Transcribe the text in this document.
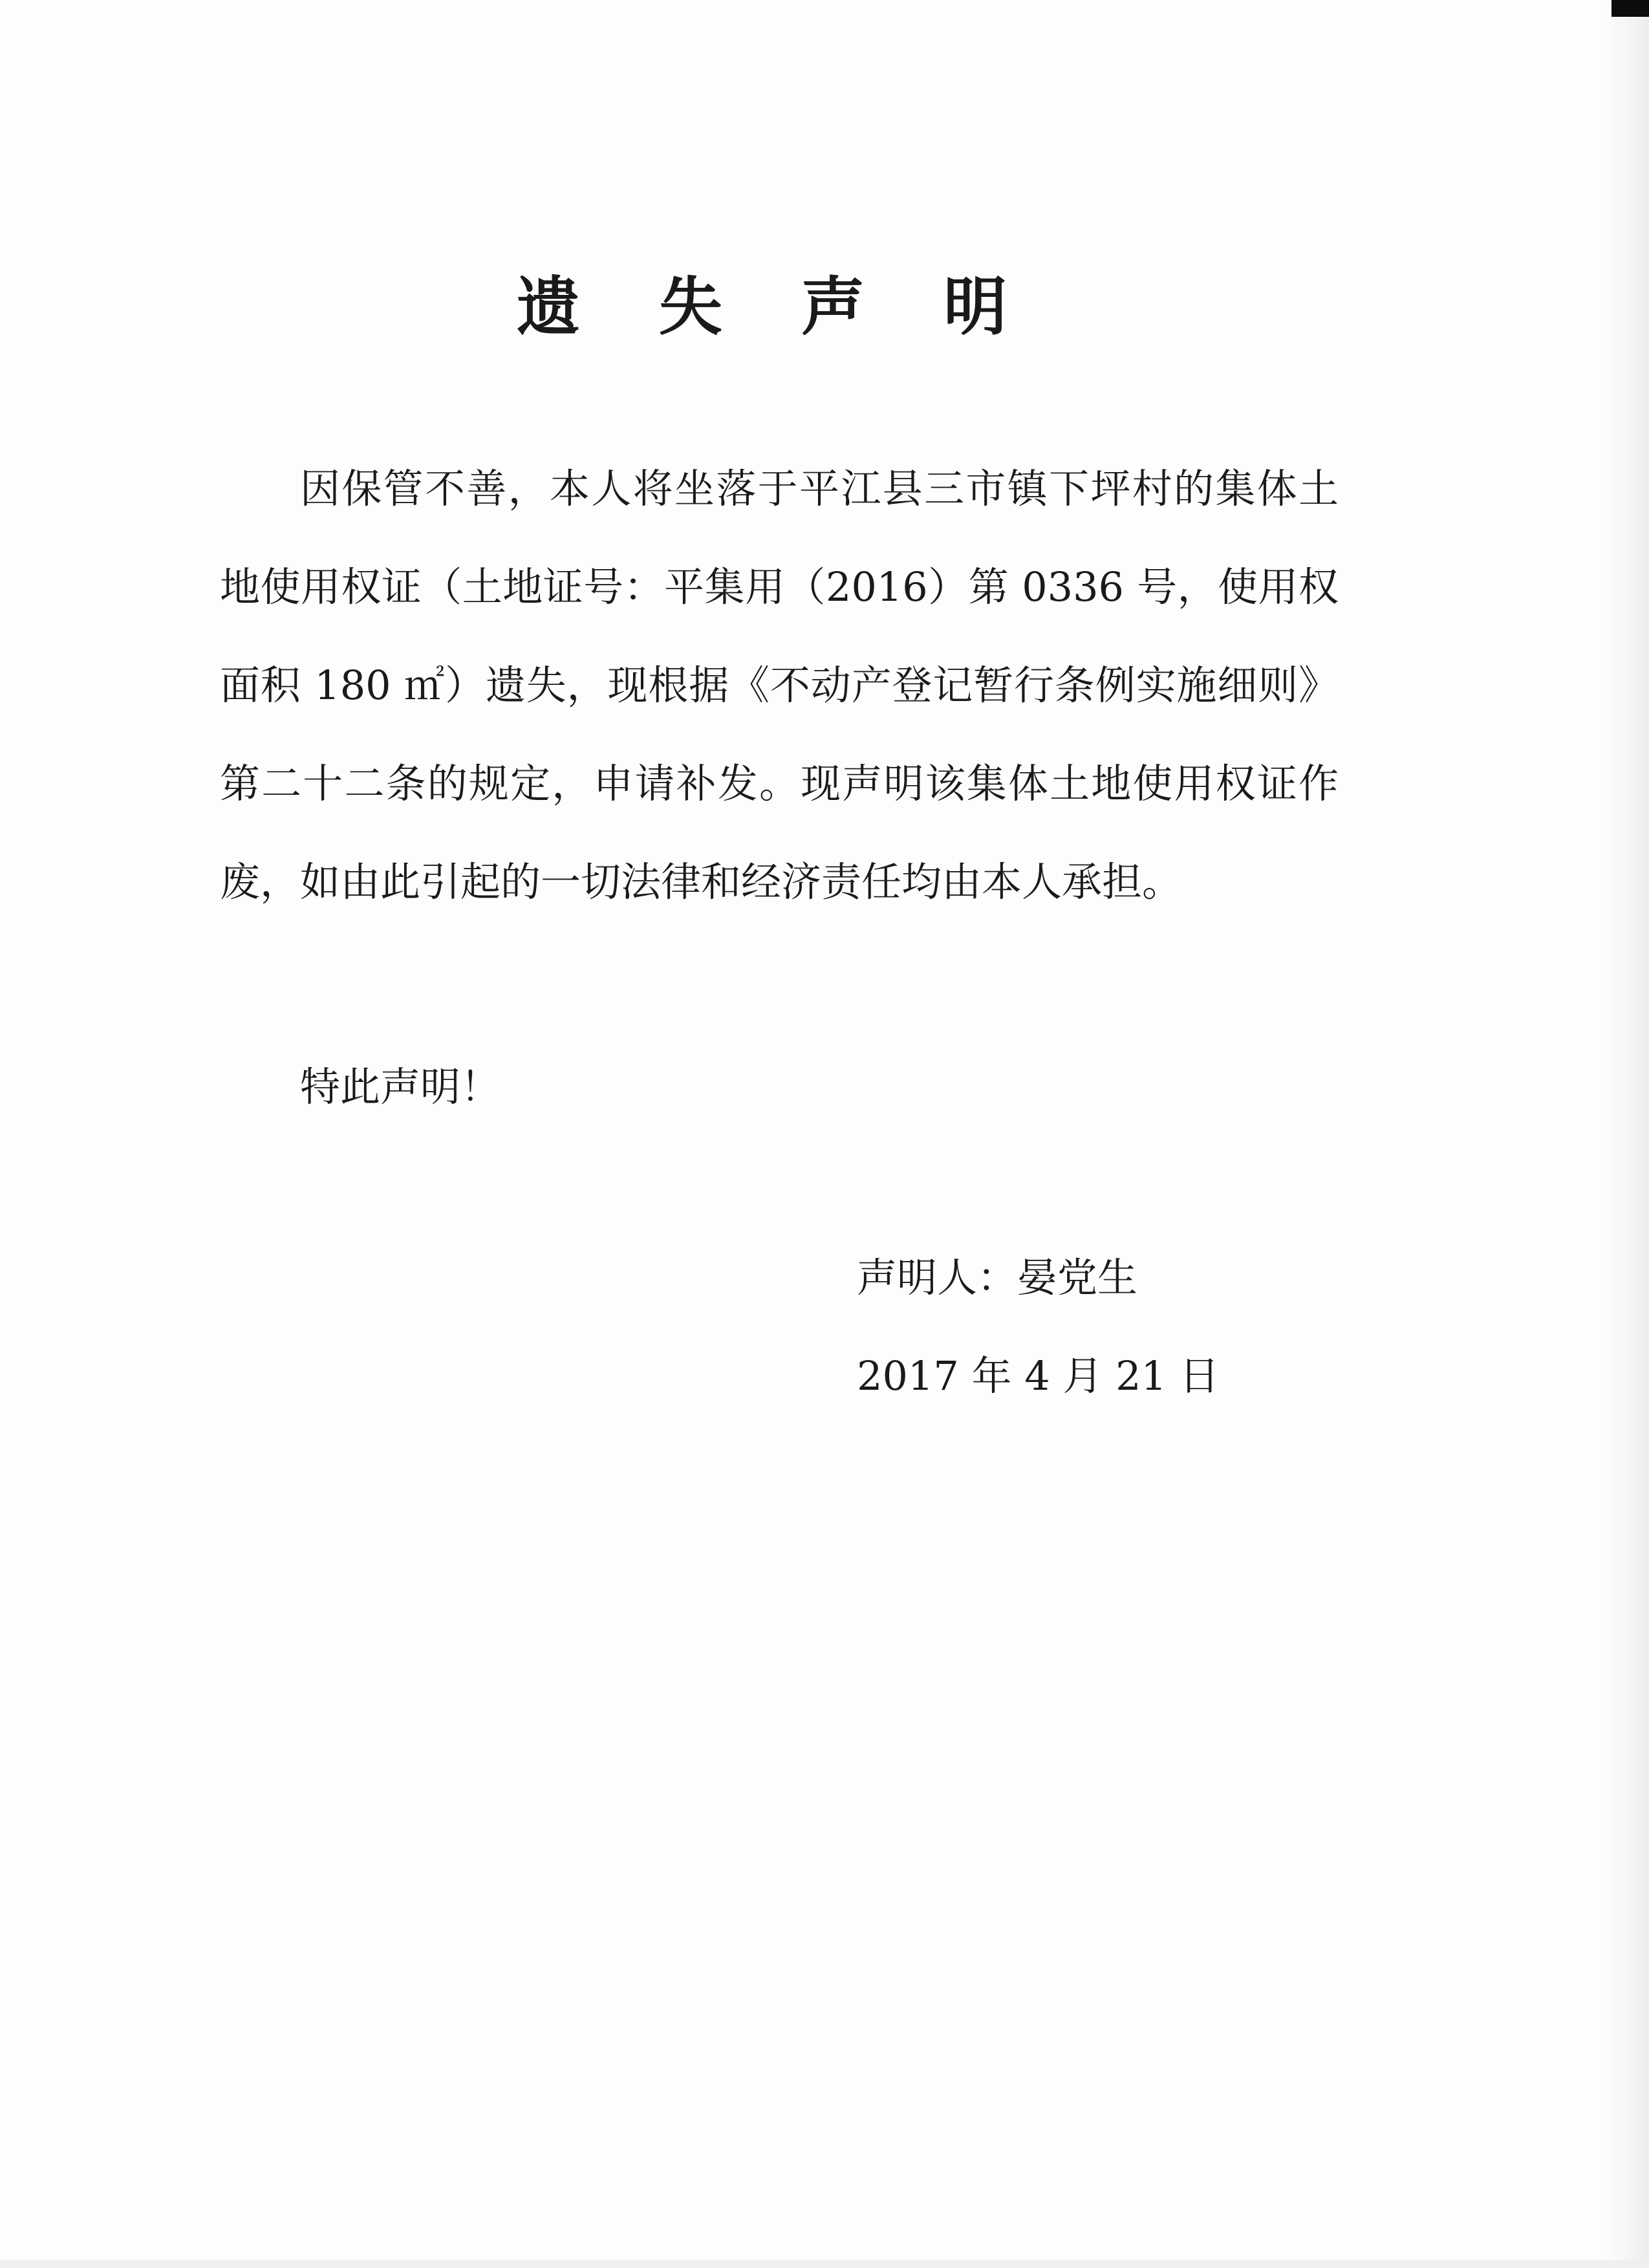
遗 失 声 明

因保管不善，本人将坐落于平江县三市镇下坪村的集体土地使用权证（土地证号：平集用（2016）第 0336 号，使用权面积 180 ㎡）遗失，现根据《不动产登记暂行条例实施细则》第二十二条的规定，申请补发。现声明该集体土地使用权证作废，如由此引起的一切法律和经济责任均由本人承担。

特此声明！
声明人：晏党生
2017 年 4 月 21 日
